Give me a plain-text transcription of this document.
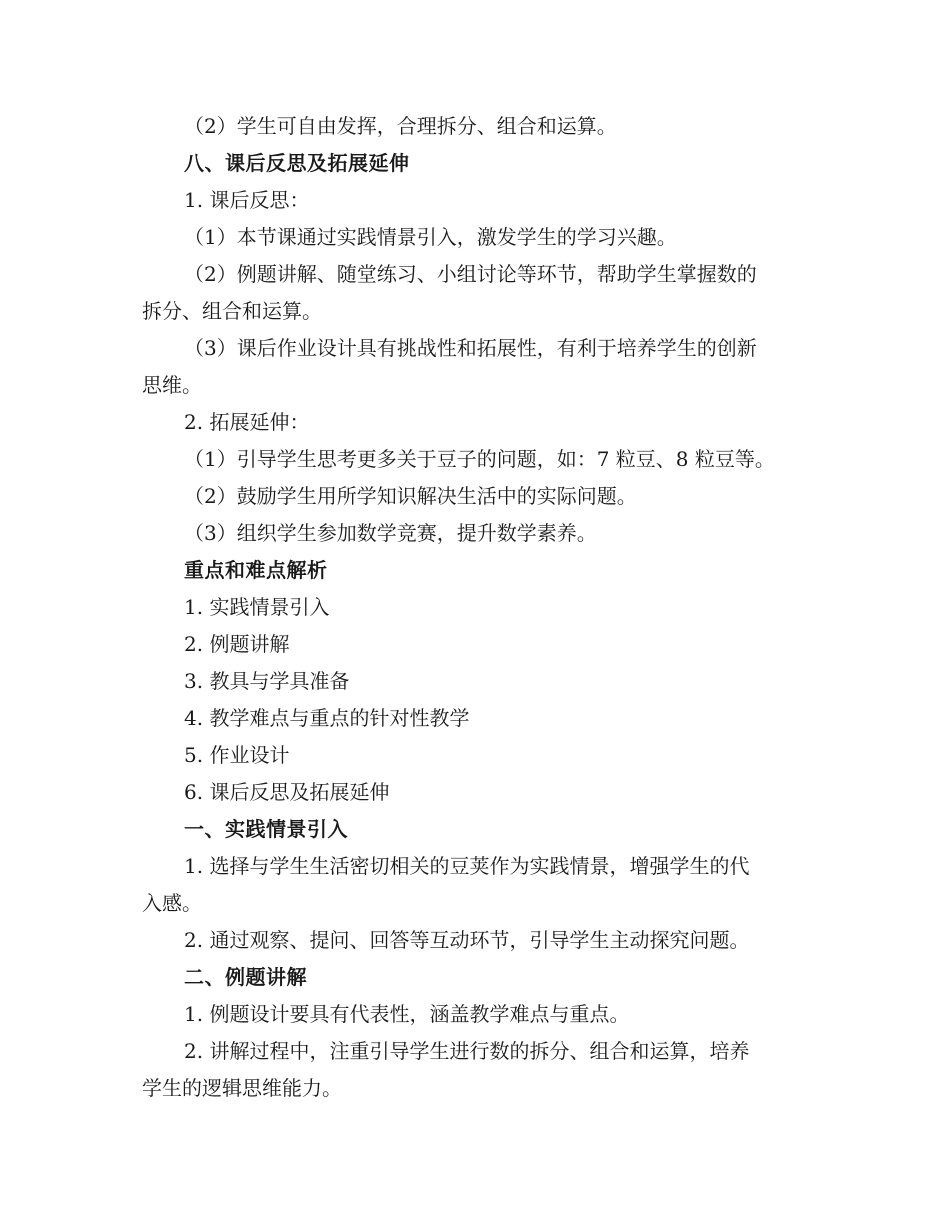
（2）学生可自由发挥，合理拆分、组合和运算。

八、课后反思及拓展延伸

1. 课后反思：

（1）本节课通过实践情景引入，激发学生的学习兴趣。

（2）例题讲解、随堂练习、小组讨论等环节，帮助学生掌握数的

拆分、组合和运算。

（3）课后作业设计具有挑战性和拓展性，有利于培养学生的创新

思维。

2. 拓展延伸：

（1）引导学生思考更多关于豆子的问题，如：7 粒豆、8 粒豆等。

（2）鼓励学生用所学知识解决生活中的实际问题。

（3）组织学生参加数学竞赛，提升数学素养。

重点和难点解析

1. 实践情景引入

2. 例题讲解

3. 教具与学具准备

4. 教学难点与重点的针对性教学

5. 作业设计

6. 课后反思及拓展延伸

一、实践情景引入

1. 选择与学生生活密切相关的豆荚作为实践情景，增强学生的代

入感。

2. 通过观察、提问、回答等互动环节，引导学生主动探究问题。

二、例题讲解

1. 例题设计要具有代表性，涵盖教学难点与重点。

2. 讲解过程中，注重引导学生进行数的拆分、组合和运算，培养

学生的逻辑思维能力。
